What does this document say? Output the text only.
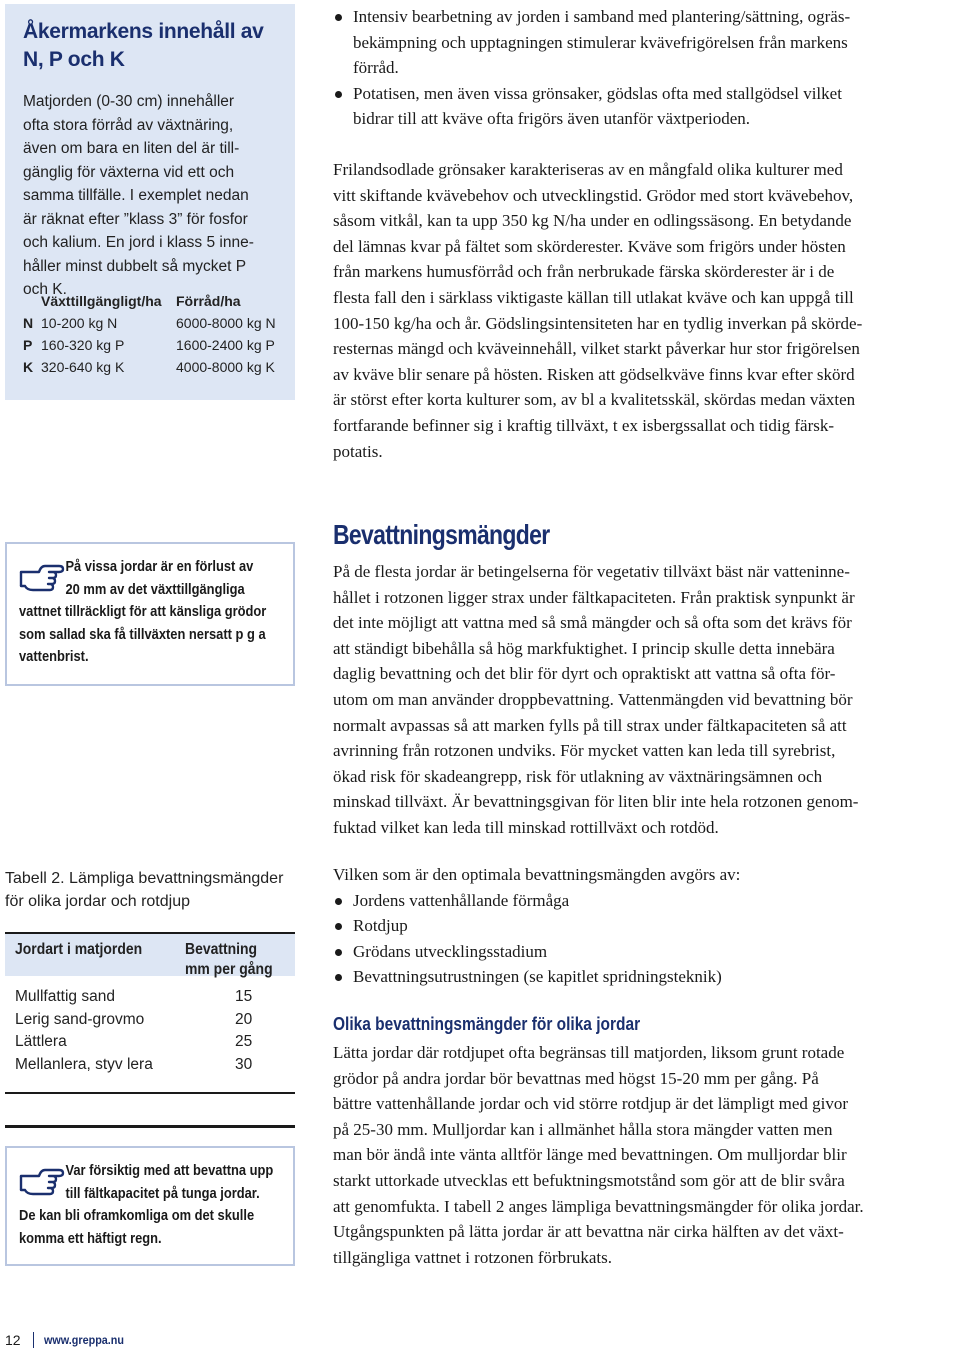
Åkermarkens innehåll av
N, P och K

Matjorden (0-30 cm) innehåller
ofta stora förråd av växtnäring,
även om bara en liten del är till-
gänglig för växterna vid ett och
samma tillfälle. I exemplet nedan
är räknat efter ”klass 3” för fosfor
och kalium. En jord i klass 5 inne-
håller minst dubbelt så mycket P
och K.

Växttillgängligt/ha	Förråd/ha
N 10-200 kg N	6000-8000 kg N
P 160-320 kg P	1600-2400 kg P
K 320-640 kg K	4000-8000 kg K
Intensiv bearbetning av jorden i samband med plantering/sättning, ogräs-
bekämpning och upptagningen stimulerar kvävefrigörelsen från markens
förråd.
Potatisen, men även vissa grönsaker, gödslas ofta med stallgödsel vilket
bidrar till att kväve ofta frigörs även utanför växtperioden.

Frilandsodlade grönsaker karakteriseras av en mångfald olika kulturer med
vitt skiftande kvävebehov och utvecklingstid. Grödor med stort kvävebehov,
såsom vitkål, kan ta upp 350 kg N/ha under en odlingssäsong. En betydande
del lämnas kvar på fältet som skörderester. Kväve som frigörs under hösten
från markens humusförråd och från nerbrukade färska skörderester är i de
flesta fall den i särklass viktigaste källan till utlakat kväve och kan uppgå till
100-150 kg/ha och år. Gödslingsintensiteten har en tydlig inverkan på skörde-
resternas mängd och kväveinnehåll, vilket starkt påverkar hur stor frigörelsen
av kväve blir senare på hösten. Risken att gödselkväve finns kvar efter skörd
är störst efter korta kulturer som, av bl a kvalitetsskäl, skördas medan växten
fortfarande befinner sig i kraftig tillväxt, t ex isbergssallat och tidig färsk-
potatis.

Bevattningsmängder

På de flesta jordar är betingelserna för vegetativ tillväxt bäst när vatteninne-
hållet i rotzonen ligger strax under fältkapaciteten. Från praktisk synpunkt är
det inte möjligt att vattna med så små mängder och så ofta som det krävs för
att ständigt bibehålla så hög markfuktighet. I princip skulle detta innebära
daglig bevattning och det blir för dyrt och opraktiskt att vattna så ofta för-
utom om man använder droppbevattning. Vattenmängden vid bevattning bör
normalt avpassas så att marken fylls på till strax under fältkapaciteten så att
avrinning från rotzonen undviks. För mycket vatten kan leda till syrebrist,
ökad risk för skadeangrepp, risk för utlakning av växtnäringsämnen och
minskad tillväxt. Är bevattningsgivan för liten blir inte hela rotzonen genom-
fuktad vilket kan leda till minskad rottillväxt och rotdöd.

Vilken som är den optimala bevattningsmängden avgörs av:

Jordens vattenhållande förmåga
Rotdjup
Grödans utvecklingsstadium
Bevattningsutrustningen (se kapitlet spridningsteknik)
Olika bevattningsmängder för olika jordar

Lätta jordar där rotdjupet ofta begränsas till matjorden, liksom grunt rotade
grödor på andra jordar bör bevattnas med högst 15-20 mm per gång. På
bättre vattenhållande jordar och vid större rotdjup är det lämpligt med givor
på 25-30 mm. Mulljordar kan i allmänhet hålla stora mängder vatten men
man bör ändå inte vänta alltför länge med bevattningen. Om mulljordar blir
starkt uttorkade utvecklas ett befuktningsmotstånd som gör att de blir svåra
att genomfukta. I tabell 2 anges lämpliga bevattningsmängder för olika jordar.
Utgångspunkten på lätta jordar är att bevattna när cirka hälften av det växt-
tillgängliga vattnet i rotzonen förbrukats.

På vissa jordar är en förlust av
20 mm av det växttillgängliga
vattnet tillräckligt för att känsliga grödor
som sallad ska få tillväxten nersatt p g a
vattenbrist.
Tabell 2. Lämpliga bevattningsmängder
för olika jordar och rotdjup
Jordart i matjorden	Bevattning
mm per gång
Mullfattig sand	15
Lerig sand-grovmo	20
Lättlera	25
Mellanlera, styv lera	30
Var försiktig med att bevattna upp
till fältkapacitet på tunga jordar.
De kan bli oframkomliga om det skulle
komma ett häftigt regn.
12	www.greppa.nu
